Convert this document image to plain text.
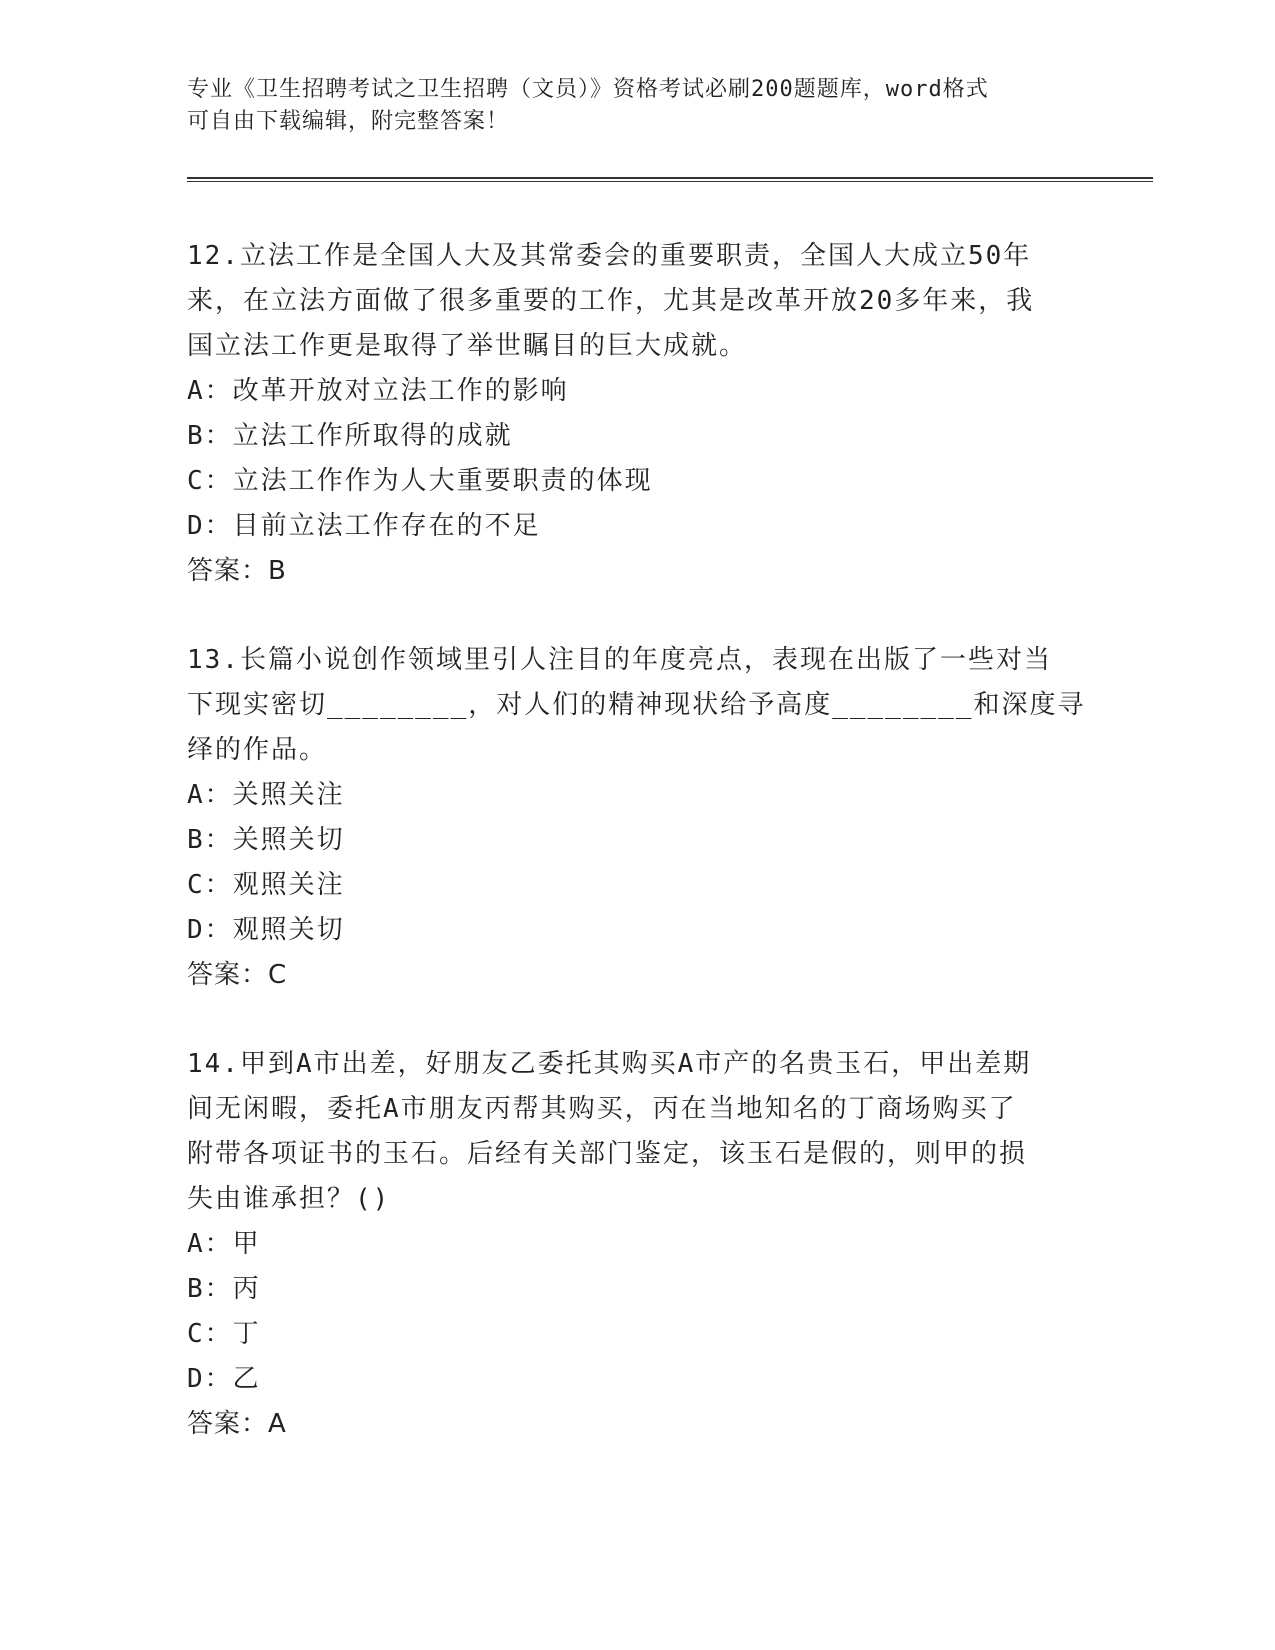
专业《卫生招聘考试之卫生招聘（文员）》资格考试必刷200题题库，word格式
可自由下载编辑，附完整答案！
12.立法工作是全国人大及其常委会的重要职责，全国人大成立50年
来，在立法方面做了很多重要的工作，尤其是改革开放20多年来，我
国立法工作更是取得了举世瞩目的巨大成就。
A：改革开放对立法工作的影响
B：立法工作所取得的成就
C：立法工作作为人大重要职责的体现
D：目前立法工作存在的不足
答案：B
13.长篇小说创作领域里引人注目的年度亮点，表现在出版了一些对当
下现实密切________，对人们的精神现状给予高度________和深度寻
绎的作品。
A：关照关注
B：关照关切
C：观照关注
D：观照关切
答案：C
14.甲到A市出差，好朋友乙委托其购买A市产的名贵玉石，甲出差期
间无闲暇，委托A市朋友丙帮其购买，丙在当地知名的丁商场购买了
附带各项证书的玉石。后经有关部门鉴定，该玉石是假的，则甲的损
失由谁承担？()
A：甲
B：丙
C：丁
D：乙
答案：A
